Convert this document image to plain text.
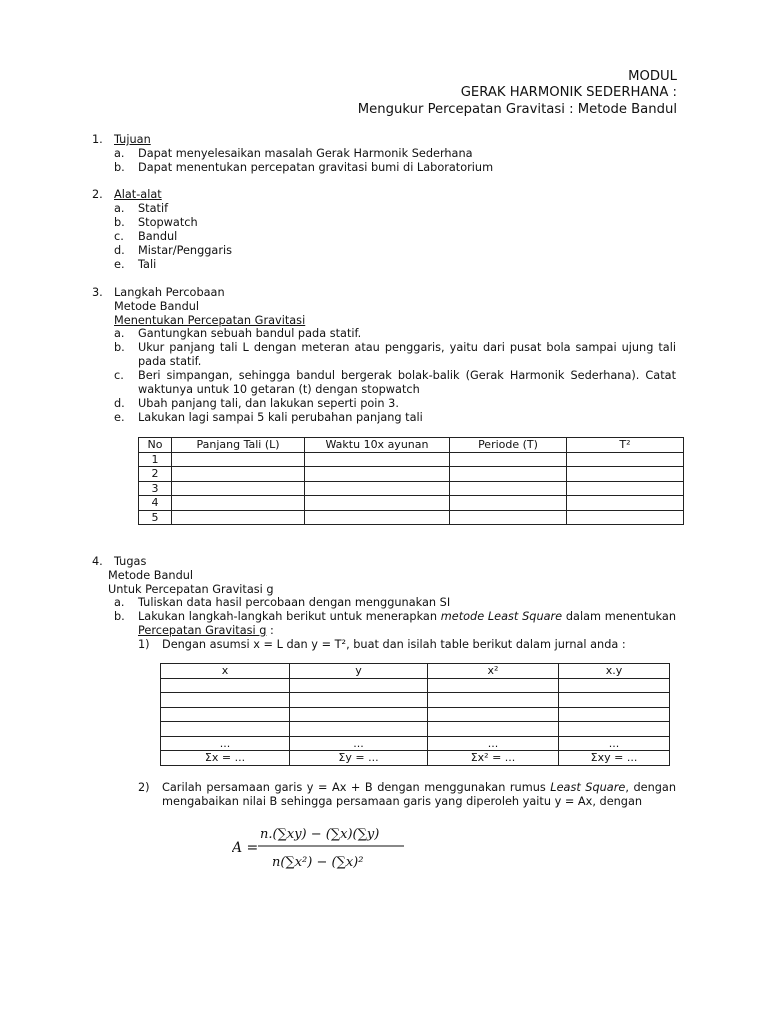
MODUL
GERAK HARMONIK SEDERHANA :
Mengukur Percepatan Gravitasi : Metode Bandul
1. Tujuan
a. Dapat menyelesaikan masalah Gerak Harmonik Sederhana
b. Dapat menentukan percepatan gravitasi bumi di Laboratorium
2. Alat-alat
a. Statif
b. Stopwatch
c. Bandul
d. Mistar/Penggaris
e. Tali
3. Langkah Percobaan
Metode Bandul
Menentukan Percepatan Gravitasi
a. Gantungkan sebuah bandul pada statif.
b. Ukur panjang tali L dengan meteran atau penggaris, yaitu dari pusat bola sampai ujung tali pada statif.
c. Beri simpangan, sehingga bandul bergerak bolak-balik (Gerak Harmonik Sederhana). Catat waktunya untuk 10 getaran (t) dengan stopwatch
d. Ubah panjang tali, dan lakukan seperti poin 3.
e. Lakukan lagi sampai 5 kali perubahan panjang tali
No	Panjang Tali (L)	Waktu 10x ayunan	Periode (T)	T²
1				
2				
3				
4				
5				
4. Tugas
Metode Bandul
Untuk Percepatan Gravitasi g
a. Tuliskan data hasil percobaan dengan menggunakan SI
b. Lakukan langkah-langkah berikut untuk menerapkan metode Least Square dalam menentukan Percepatan Gravitasi g :
1) Dengan asumsi x = L dan y = T², buat dan isilah table berikut dalam jurnal anda :
x	y	x²	x.y

...	...	...	...
Σx = ...	Σy = ...	Σx² = ...	Σxy = ...
2) Carilah persamaan garis y = Ax + B dengan menggunakan rumus Least Square, dengan mengabaikan nilai B sehingga persamaan garis yang diperoleh yaitu y = Ax, dengan
A =
n.(∑xy) − (∑x)(∑y)
n(∑x²) − (∑x)²
